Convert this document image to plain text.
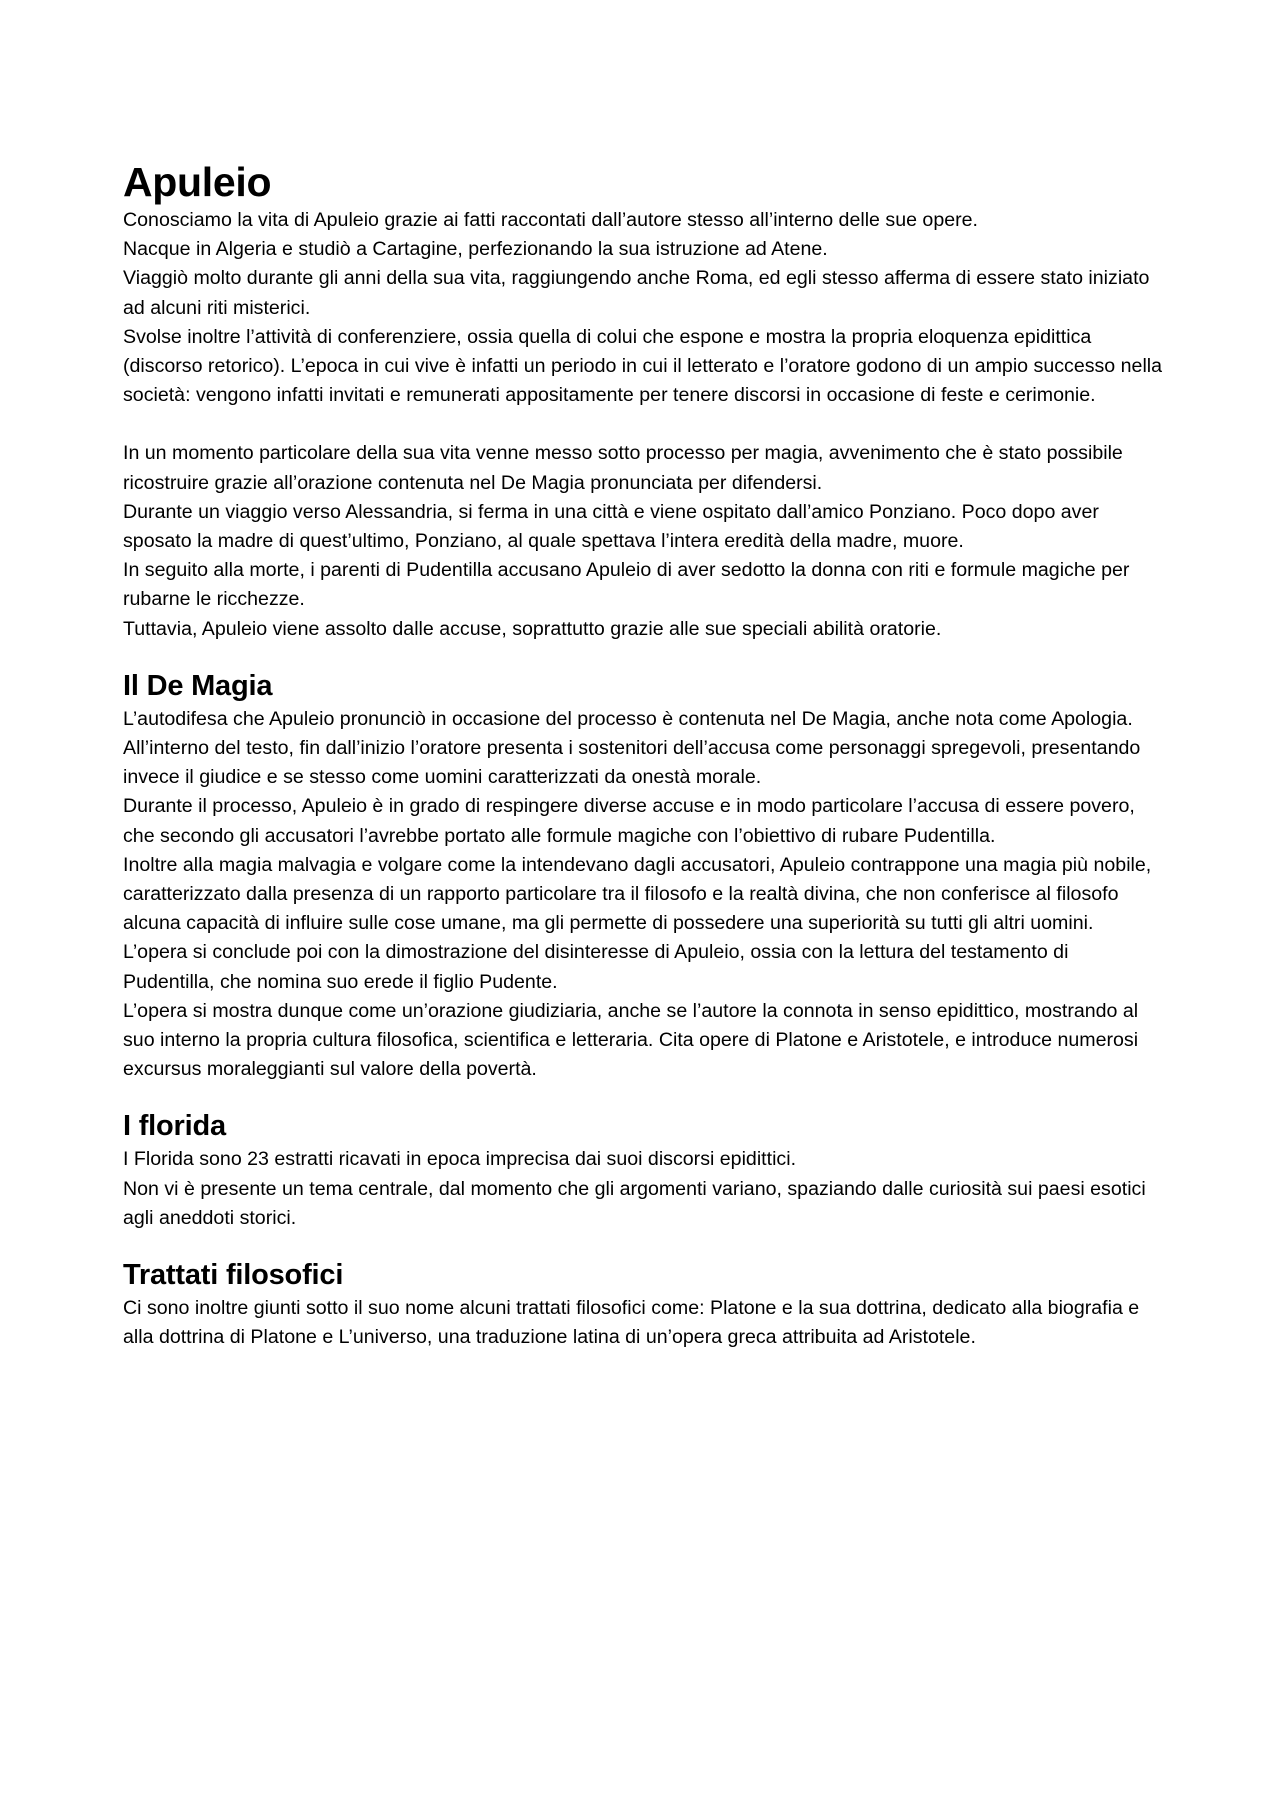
Apuleio

Conosciamo la vita di Apuleio grazie ai fatti raccontati dall’autore stesso all’interno delle sue opere.

Nacque in Algeria e studiò a Cartagine, perfezionando la sua istruzione ad Atene.

Viaggiò molto durante gli anni della sua vita, raggiungendo anche Roma, ed egli stesso afferma di essere stato iniziato ad alcuni riti misterici.

Svolse inoltre l’attività di conferenziere, ossia quella di colui che espone e mostra la propria eloquenza epidittica (discorso retorico). L’epoca in cui vive è infatti un periodo in cui il letterato e l’oratore godono di un ampio successo nella società: vengono infatti invitati e remunerati appositamente per tenere discorsi in occasione di feste e cerimonie.

In un momento particolare della sua vita venne messo sotto processo per magia, avvenimento che è stato possibile ricostruire grazie all’orazione contenuta nel De Magia pronunciata per difendersi.

Durante un viaggio verso Alessandria, si ferma in una città e viene ospitato dall’amico Ponziano. Poco dopo aver sposato la madre di quest’ultimo, Ponziano, al quale spettava l’intera eredità della madre, muore.

In seguito alla morte, i parenti di Pudentilla accusano Apuleio di aver sedotto la donna con riti e formule magiche per rubarne le ricchezze.

Tuttavia, Apuleio viene assolto dalle accuse, soprattutto grazie alle sue speciali abilità oratorie.

Il De Magia

L’autodifesa che Apuleio pronunciò in occasione del processo è contenuta nel De Magia, anche nota come Apologia.

All’interno del testo, fin dall’inizio l’oratore presenta i sostenitori dell’accusa come personaggi spregevoli, presentando invece il giudice e se stesso come uomini caratterizzati da onestà morale.

Durante il processo, Apuleio è in grado di respingere diverse accuse e in modo particolare l’accusa di essere povero, che secondo gli accusatori l’avrebbe portato alle formule magiche con l’obiettivo di rubare Pudentilla.

Inoltre alla magia malvagia e volgare come la intendevano dagli accusatori, Apuleio contrappone una magia più nobile, caratterizzato dalla presenza di un rapporto particolare tra il filosofo e la realtà divina, che non conferisce al filosofo alcuna capacità di influire sulle cose umane, ma gli permette di possedere una superiorità su tutti gli altri uomini.

L’opera si conclude poi con la dimostrazione del disinteresse di Apuleio, ossia con la lettura del testamento di Pudentilla, che nomina suo erede il figlio Pudente.

L’opera si mostra dunque come un’orazione giudiziaria, anche se l’autore la connota in senso epidittico, mostrando al suo interno la propria cultura filosofica, scientifica e letteraria. Cita opere di Platone e Aristotele, e introduce numerosi excursus moraleggianti sul valore della povertà.

I florida

I Florida sono 23 estratti ricavati in epoca imprecisa dai suoi discorsi epidittici.

Non vi è presente un tema centrale, dal momento che gli argomenti variano, spaziando dalle curiosità sui paesi esotici agli aneddoti storici.

Trattati filosofici

Ci sono inoltre giunti sotto il suo nome alcuni trattati filosofici come: Platone e la sua dottrina, dedicato alla biografia e alla dottrina di Platone e L’universo, una traduzione latina di un’opera greca attribuita ad Aristotele.
